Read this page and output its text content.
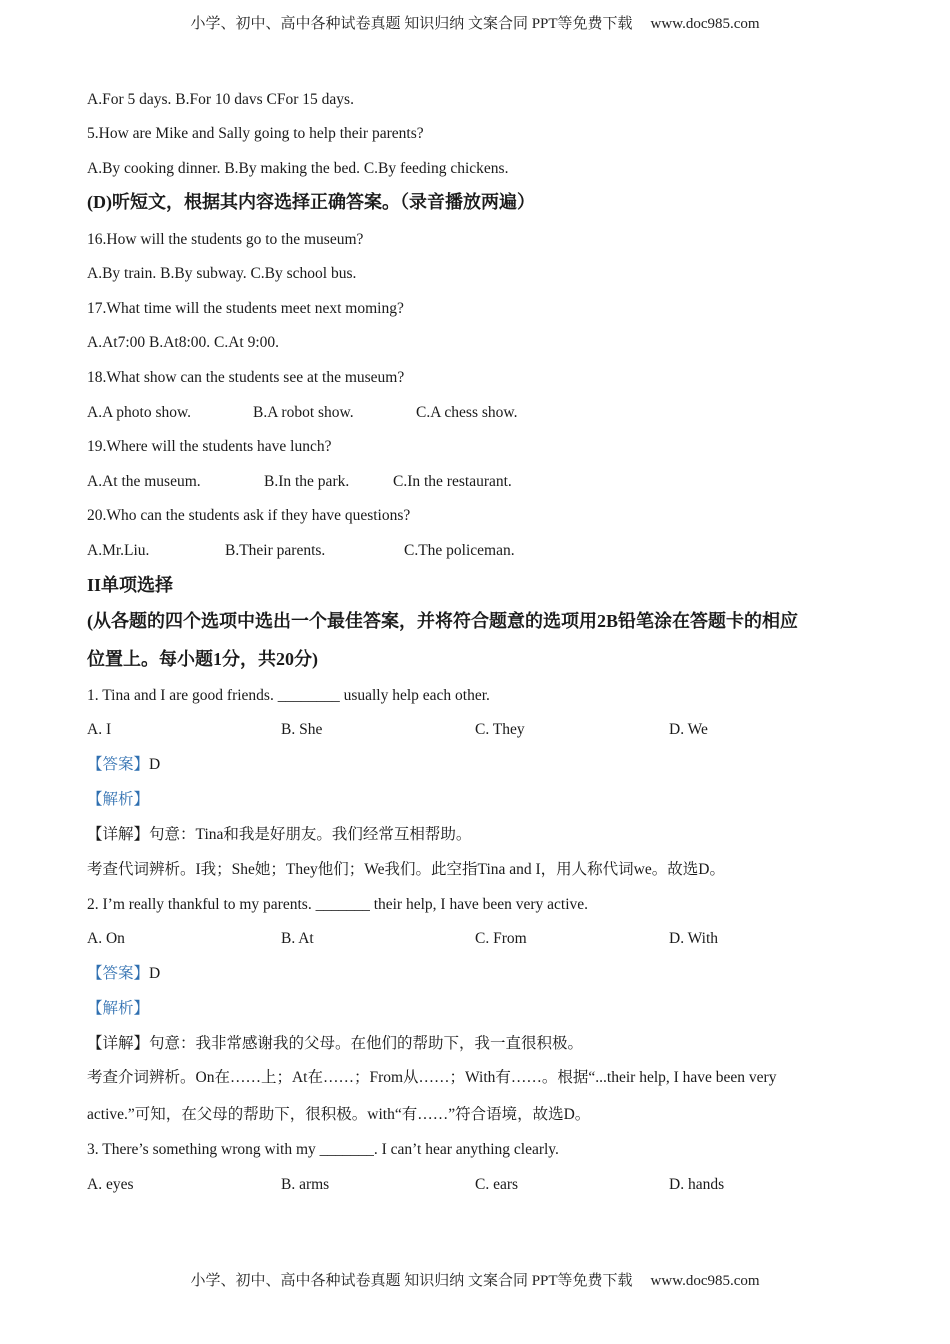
小学、初中、高中各种试卷真题 知识归纳 文案合同 PPT等免费下载 www.doc985.com
A.For 5 days. B.For 10 davs CFor 15 days.
5.How are Mike and Sally going to help their parents?
A.By cooking dinner. B.By making the bed. C.By feeding chickens.
(D)听短文，根据其内容选择正确答案。（录音播放两遍）
16.How will the students go to the museum?
A.By train. B.By subway. C.By school bus.
17.What time will the students meet next moming?
A.At7:00 B.At8:00. C.At 9:00.
18.What show can the students see at the museum?
A.A photo show.	B.A robot show.	C.A chess show.
19.Where will the students have lunch?
A.At the museum.	B.In the park.	C.In the restaurant.
20.Who can the students ask if they have questions?
A.Mr.Liu.	B.Their parents.	C.The policeman.
II单项选择
(从各题的四个选项中选出一个最佳答案，并将符合题意的选项用2B铅笔涂在答题卡的相应
位置上。每小题1分，共20分)
1. Tina and I are good friends. ________ usually help each other.
A. I	B. She	C. They	D. We
【答案】D
【解析】
【详解】句意：Tina和我是好朋友。我们经常互相帮助。
考查代词辨析。I我；She她；They他们；We我们。此空指Tina and I，用人称代词we。故选D。
2. I’m really thankful to my parents. _______ their help, I have been very active.
A. On	B. At	C. From	D. With
【答案】D
【解析】
【详解】句意：我非常感谢我的父母。在他们的帮助下，我一直很积极。
考查介词辨析。On在……上；At在……；From从……；With有……。根据“...their help, I have been very
active.”可知，在父母的帮助下，很积极。with“有……”符合语境，故选D。
3. There’s something wrong with my _______. I can’t hear anything clearly.
A. eyes	B. arms	C. ears	D. hands
小学、初中、高中各种试卷真题 知识归纳 文案合同 PPT等免费下载 www.doc985.com
